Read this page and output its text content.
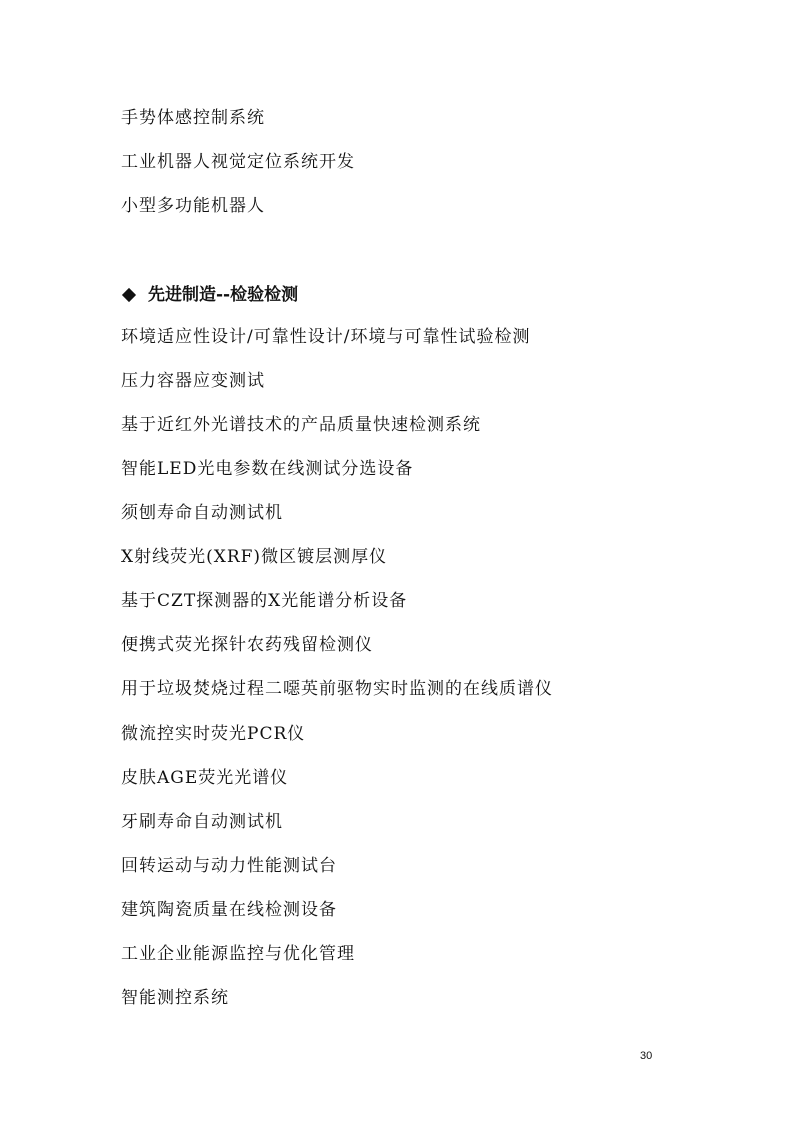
手势体感控制系统
工业机器人视觉定位系统开发
小型多功能机器人
先进制造--检验检测
环境适应性设计/可靠性设计/环境与可靠性试验检测
压力容器应变测试
基于近红外光谱技术的产品质量快速检测系统
智能LED光电参数在线测试分选设备
须刨寿命自动测试机
X射线荧光(XRF)微区镀层测厚仪
基于CZT探测器的X光能谱分析设备
便携式荧光探针农药残留检测仪
用于垃圾焚烧过程二噁英前驱物实时监测的在线质谱仪
微流控实时荧光PCR仪
皮肤AGE荧光光谱仪
牙刷寿命自动测试机
回转运动与动力性能测试台
建筑陶瓷质量在线检测设备
工业企业能源监控与优化管理
智能测控系统
30
